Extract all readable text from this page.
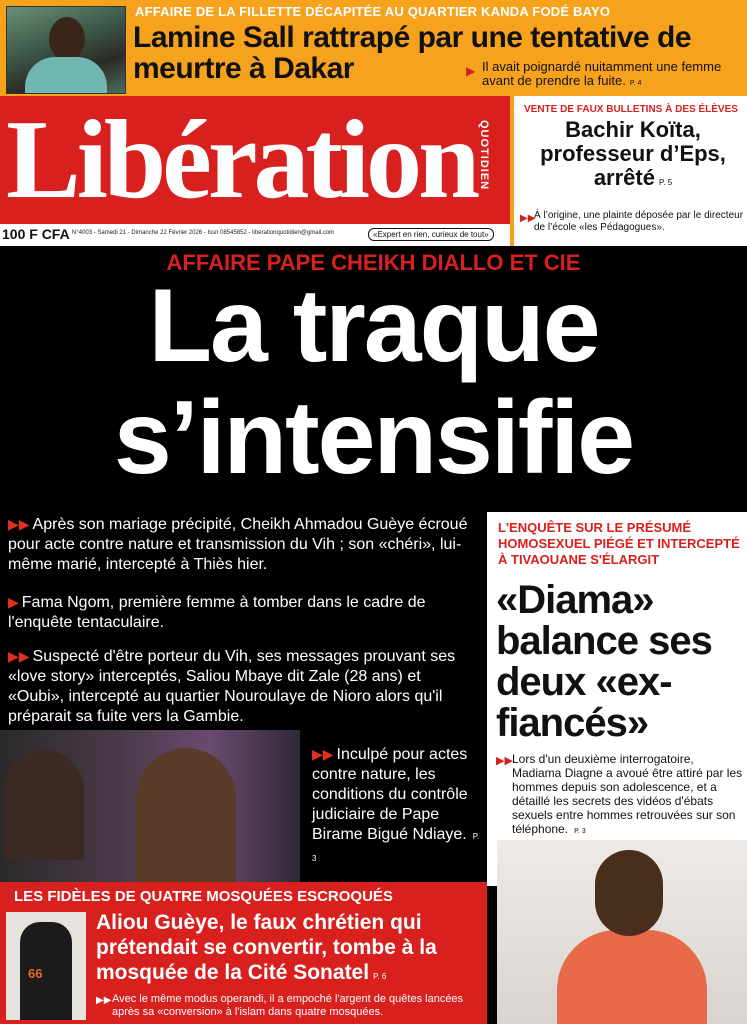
AFFAIRE DE LA FILLETTE DÉCAPITÉE AU QUARTIER KANDA FODÉ BAYO
Lamine Sall rattrapé par une tentative de meurtre à Dakar	▶ Il avait poignardé nuitamment une femme avant de prendre la fuite. P. 4
Libération QUOTIDIEN
100 F CFA N°4003 - Samedi 21 - Dimanche 22 Février 2026 - Issn 08545852 - liberationquotidien@gmail.com	«Expert en rien, curieux de tout»
VENTE DE FAUX BULLETINS À DES ÉLÈVES
Bachir Koïta, professeur d’Eps, arrêté P. 5
▶▶
À l’origine, une plainte déposée par le directeur de l’école «les Pédagogues».
AFFAIRE PAPE CHEIKH DIALLO ET CIE
La traque
s’intensifie
▶▶ Après son mariage précipité, Cheikh Ahmadou Guèye écroué pour acte contre nature et transmission du Vih ; son «chéri», lui-même marié, intercepté à Thiès hier.
▶ Fama Ngom, première femme à tomber dans le cadre de l'enquête tentaculaire.
▶▶ Suspecté d'être porteur du Vih, ses messages prouvant ses «love story» interceptés, Saliou Mbaye dit Zale (28 ans) et «Oubi», intercepté au quartier Nouroulaye de Nioro alors qu'il préparait sa fuite vers la Gambie.
▶▶ Inculpé pour actes contre nature, les conditions du contrôle judiciaire de Pape Birame Bigué Ndiaye. P. 3
L'ENQUÊTE SUR LE PRÉSUMÉ HOMOSEXUEL PIÉGÉ ET INTERCEPTÉ À TIVAOUANE S'ÉLARGIT
«Diama» balance ses deux «ex-fiancés»
▶▶ Lors d'un deuxième interrogatoire, Madiama Diagne a avoué être attiré par les hommes depuis son adolescence, et a détaillé les secrets des vidéos d'ébats sexuels entre hommes retrouvées sur son téléphone. P. 3
LES FIDÈLES DE QUATRE MOSQUÉES ESCROQUÉS
66
Aliou Guèye, le faux chrétien qui prétendait se convertir, tombe à la mosquée de la Cité Sonatel P. 6
▶▶ Avec le même modus operandi, il a empoché l'argent de quêtes lancées après sa «conversion» à l'islam dans quatre mosquées.
